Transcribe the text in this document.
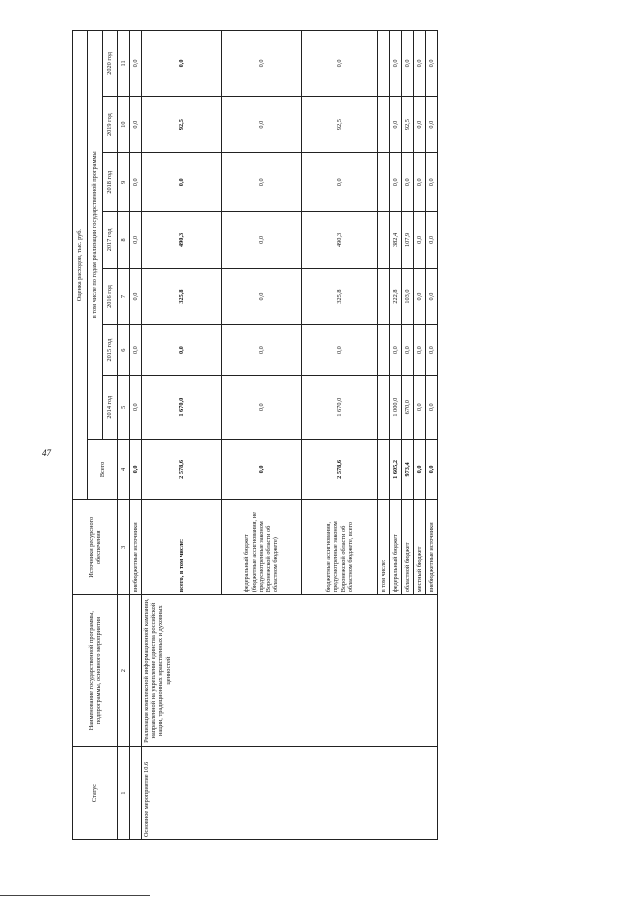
47
Статус	Наименование государственной программы, подпрограммы, основного мероприятия	Источники ресурсного обеспечения	Оценка расходов, тыс. руб.							
			Всего	в том числе по годам реализации государственной программы						
				2014 год	2015 год	2016 год	2017 год	2018 год	2019 год	2020 год
1	2	3	4	5	6	7	8	9	10	11
		внебюджетные источники	0,0	0,0	0,0	0,0	0,0	0,0	0,0	0,0
Основное мероприятие 10.6	Реализация комплексной информационной кампании, направленной на укрепление единства российской нации, традиционных нравственных и духовных ценностей	всего, в том числе:	2 578,6	1 670,0	0,0	325,8	490,3	0,0	92,5	0,0
		федеральный бюджет (бюджетные ассигнования, не предусмотренные законом Воронежской области об областном бюджете)	0,0	0,0	0,0	0,0	0,0	0,0	0,0	0,0
		бюджетные ассигнования, предусмотренные законом Воронежской области об областном бюджете, всего	2 578,6	1 670,0	0,0	325,8	490,3	0,0	92,5	0,0
		в том числе:								
		федеральный бюджет	1 605,2	1 000,0	0,0	222,8	382,4	0,0	0,0	0,0
		областной бюджет	973,4	670,0	0,0	103,0	107,9	0,0	92,5	0,0
		местный бюджет	0,0	0,0	0,0	0,0	0,0	0,0	0,0	0,0
		внебюджетные источники	0,0	0,0	0,0	0,0	0,0	0,0	0,0	0,0
